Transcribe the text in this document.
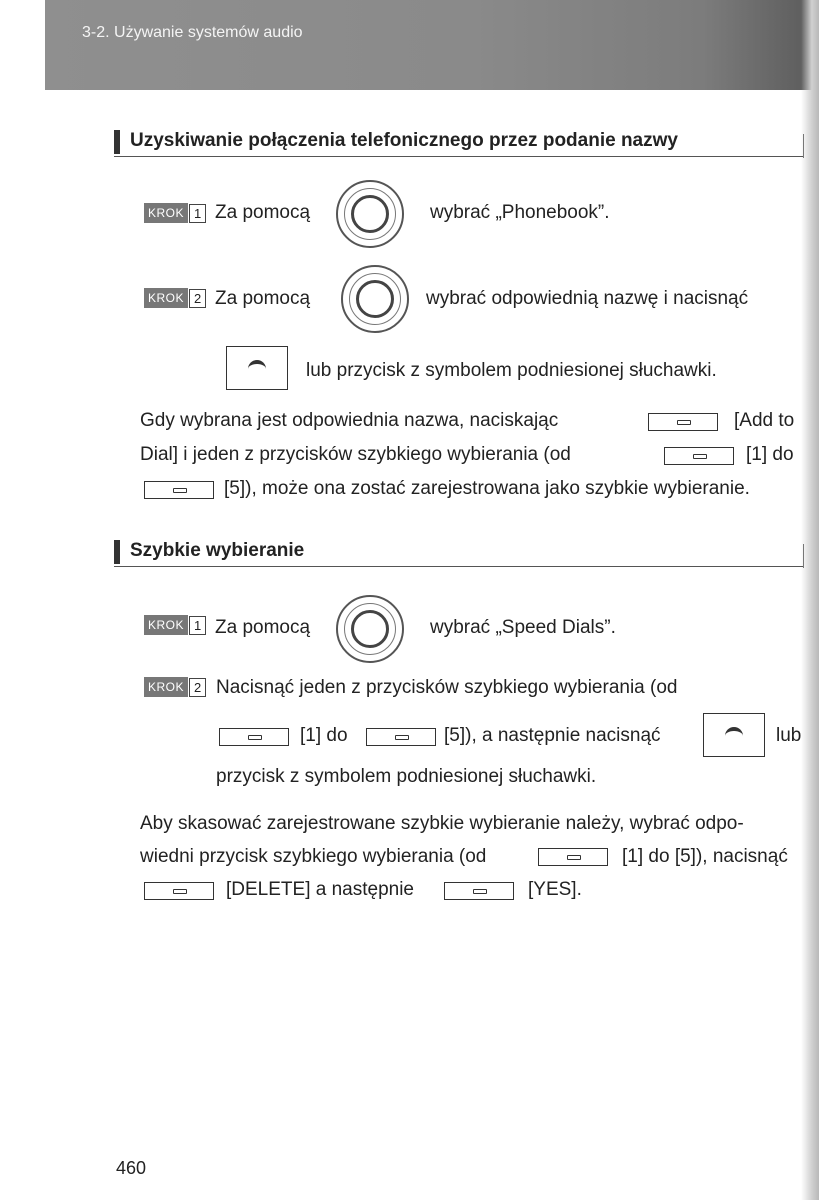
3-2. Używanie systemów audio
Uzyskiwanie połączenia telefonicznego przez podanie nazwy
KROK 1 Za pomocą	wybrać „Phonebook”.
KROK 2 Za pomocą	wybrać odpowiednią nazwę i nacisnąć
lub przycisk z symbolem podniesionej słuchawki.
Gdy wybrana jest odpowiednia nazwa, naciskając	[Add to
Dial] i jeden z przycisków szybkiego wybierania (od	[1] do
[5]), może ona zostać zarejestrowana jako szybkie wybieranie.
Szybkie wybieranie
KROK 1 Za pomocą	wybrać „Speed Dials”.
KROK 2 Nacisnąć jeden z przycisków szybkiego wybierania (od
[1] do	[5]), a następnie nacisnąć	lub
przycisk z symbolem podniesionej słuchawki.
Aby skasować zarejestrowane szybkie wybieranie należy, wybrać odpo-
wiedni przycisk szybkiego wybierania (od	[1] do [5]), nacisnąć
[DELETE] a następnie	[YES].
460
